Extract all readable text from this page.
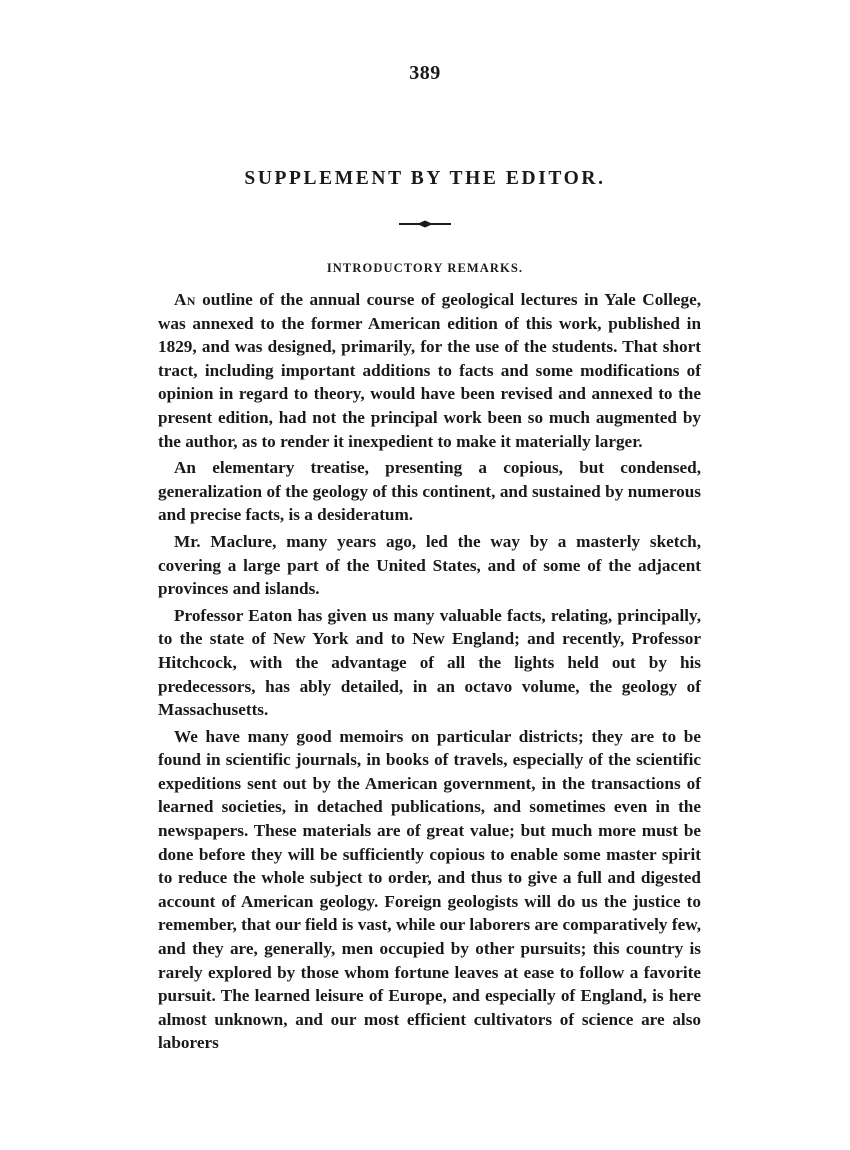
389
SUPPLEMENT BY THE EDITOR.
INTRODUCTORY REMARKS.

An outline of the annual course of geological lectures in Yale College, was annexed to the former American edition of this work, published in 1829, and was designed, primarily, for the use of the students. That short tract, including important additions to facts and some modifications of opinion in regard to theory, would have been revised and annexed to the present edition, had not the principal work been so much augmented by the author, as to render it inexpedient to make it materially larger.

An elementary treatise, presenting a copious, but condensed, generalization of the geology of this continent, and sustained by numerous and precise facts, is a desideratum.

Mr. Maclure, many years ago, led the way by a masterly sketch, covering a large part of the United States, and of some of the adjacent provinces and islands.

Professor Eaton has given us many valuable facts, relating, principally, to the state of New York and to New England; and recently, Professor Hitchcock, with the advantage of all the lights held out by his predecessors, has ably detailed, in an octavo volume, the geology of Massachusetts.

We have many good memoirs on particular districts; they are to be found in scientific journals, in books of travels, especially of the scientific expeditions sent out by the American government, in the transactions of learned societies, in detached publications, and sometimes even in the newspapers. These materials are of great value; but much more must be done before they will be sufficiently copious to enable some master spirit to reduce the whole subject to order, and thus to give a full and digested account of American geology. Foreign geologists will do us the justice to remember, that our field is vast, while our laborers are comparatively few, and they are, generally, men occupied by other pursuits; this country is rarely explored by those whom fortune leaves at ease to follow a favorite pursuit. The learned leisure of Europe, and especially of England, is here almost unknown, and our most efficient cultivators of science are also laborers
